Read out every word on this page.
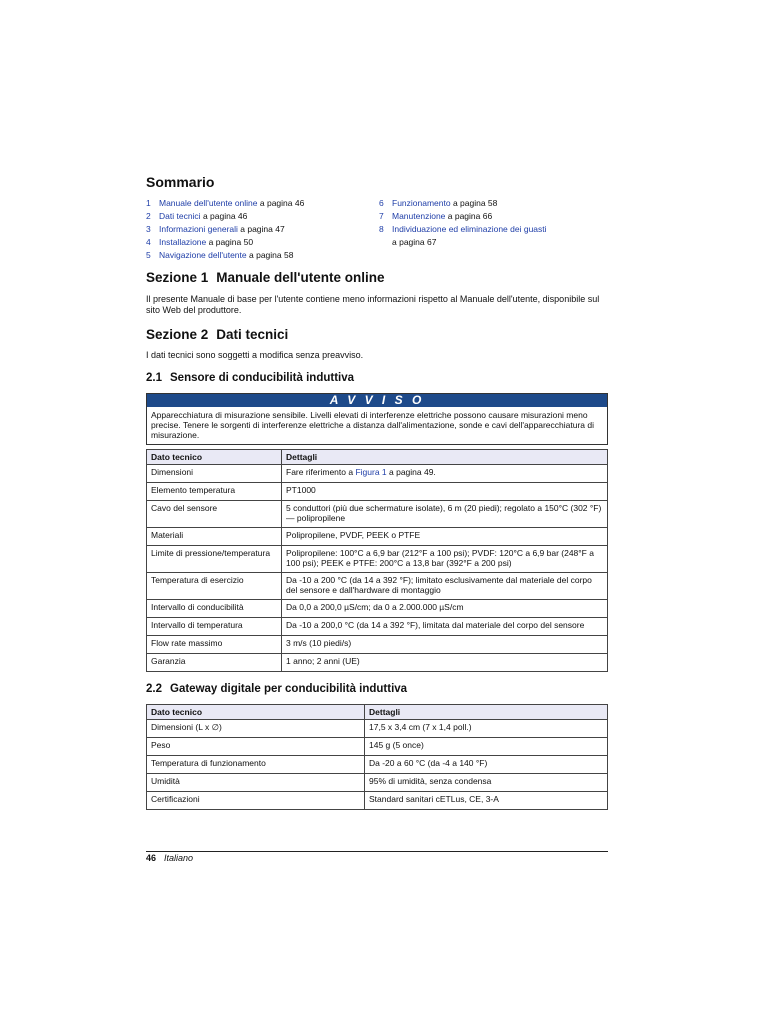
Sommario
1 Manuale dell'utente online a pagina 46
2 Dati tecnici a pagina 46
3 Informazioni generali a pagina 47
4 Installazione a pagina 50
5 Navigazione dell'utente a pagina 58
6 Funzionamento a pagina 58
7 Manutenzione a pagina 66
8 Individuazione ed eliminazione dei guasti
a pagina 67
Sezione 1 Manuale dell'utente online

Il presente Manuale di base per l'utente contiene meno informazioni rispetto al Manuale dell'utente, disponibile sul sito Web del produttore.

Sezione 2 Dati tecnici

I dati tecnici sono soggetti a modifica senza preavviso.

2.1 Sensore di conducibilità induttiva
A V V I S O
Apparecchiatura di misurazione sensibile. Livelli elevati di interferenze elettriche possono causare misurazioni meno precise. Tenere le sorgenti di interferenze elettriche a distanza dall'alimentazione, sonde e cavi dell'apparecchiatura di misurazione.
Dato tecnico	Dettagli
Dimensioni	Fare riferimento a Figura 1 a pagina 49.
Elemento temperatura	PT1000
Cavo del sensore	5 conduttori (più due schermature isolate), 6 m (20 piedi); regolato a 150°C (302 °F) — polipropilene
Materiali	Polipropilene, PVDF, PEEK o PTFE
Limite di pressione/temperatura	Polipropilene: 100°C a 6,9 bar (212°F a 100 psi); PVDF: 120°C a 6,9 bar (248°F a 100 psi); PEEK e PTFE: 200°C a 13,8 bar (392°F a 200 psi)
Temperatura di esercizio	Da -10 a 200 °C (da 14 a 392 °F); limitato esclusivamente dal materiale del corpo del sensore e dall'hardware di montaggio
Intervallo di conducibilità	Da 0,0 a 200,0 µS/cm; da 0 a 2.000.000 µS/cm
Intervallo di temperatura	Da -10 a 200,0 °C (da 14 a 392 °F), limitata dal materiale del corpo del sensore
Flow rate massimo	3 m/s (10 piedi/s)
Garanzia	1 anno; 2 anni (UE)
2.2 Gateway digitale per conducibilità induttiva
Dato tecnico	Dettagli
Dimensioni (L x ∅)	17,5 x 3,4 cm (7 x 1,4 poll.)
Peso	145 g (5 once)
Temperatura di funzionamento	Da -20 a 60 °C (da -4 a 140 °F)
Umidità	95% di umidità, senza condensa
Certificazioni	Standard sanitari cETLus, CE, 3-A
46 Italiano
